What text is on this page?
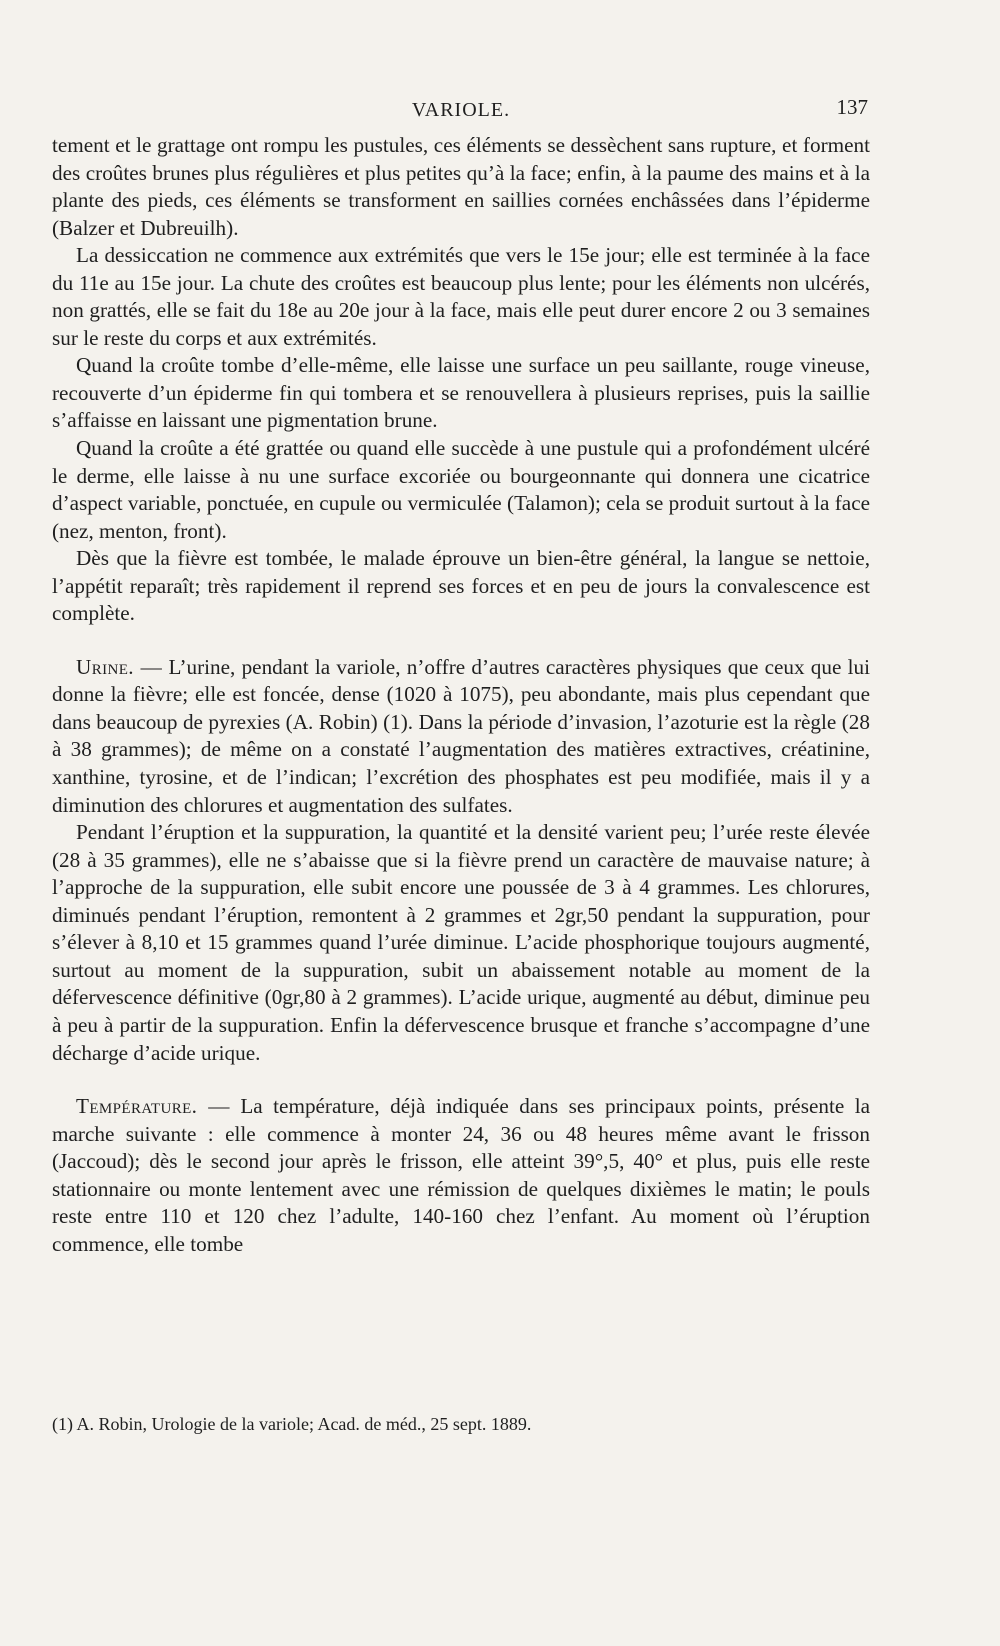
VARIOLE.	137

tement et le grattage ont rompu les pustules, ces éléments se dessèchent sans rupture, et forment des croûtes brunes plus régulières et plus petites qu’à la face; enfin, à la paume des mains et à la plante des pieds, ces éléments se transforment en saillies cornées enchâssées dans l’épiderme (Balzer et Dubreuilh).

La dessiccation ne commence aux extrémités que vers le 15e jour; elle est terminée à la face du 11e au 15e jour. La chute des croûtes est beaucoup plus lente; pour les éléments non ulcérés, non grattés, elle se fait du 18e au 20e jour à la face, mais elle peut durer encore 2 ou 3 semaines sur le reste du corps et aux extrémités.

Quand la croûte tombe d’elle-même, elle laisse une surface un peu saillante, rouge vineuse, recouverte d’un épiderme fin qui tombera et se renouvellera à plusieurs reprises, puis la saillie s’affaisse en laissant une pigmentation brune.

Quand la croûte a été grattée ou quand elle succède à une pustule qui a profondément ulcéré le derme, elle laisse à nu une surface excoriée ou bourgeonnante qui donnera une cicatrice d’aspect variable, ponctuée, en cupule ou vermiculée (Talamon); cela se produit surtout à la face (nez, menton, front).

Dès que la fièvre est tombée, le malade éprouve un bien-être général, la langue se nettoie, l’appétit reparaît; très rapidement il reprend ses forces et en peu de jours la convalescence est complète.

Urine. — L’urine, pendant la variole, n’offre d’autres caractères physiques que ceux que lui donne la fièvre; elle est foncée, dense (1020 à 1075), peu abondante, mais plus cependant que dans beaucoup de pyrexies (A. Robin) (1). Dans la période d’invasion, l’azoturie est la règle (28 à 38 grammes); de même on a constaté l’augmentation des matières extractives, créatinine, xanthine, tyrosine, et de l’indican; l’excrétion des phosphates est peu modifiée, mais il y a diminution des chlorures et augmentation des sulfates.

Pendant l’éruption et la suppuration, la quantité et la densité varient peu; l’urée reste élevée (28 à 35 grammes), elle ne s’abaisse que si la fièvre prend un caractère de mauvaise nature; à l’approche de la suppuration, elle subit encore une poussée de 3 à 4 grammes. Les chlorures, diminués pendant l’éruption, remontent à 2 grammes et 2gr,50 pendant la suppuration, pour s’élever à 8,10 et 15 grammes quand l’urée diminue. L’acide phosphorique toujours augmenté, surtout au moment de la suppuration, subit un abaissement notable au moment de la défervescence définitive (0gr,80 à 2 grammes). L’acide urique, augmenté au début, diminue peu à peu à partir de la suppuration. Enfin la défervescence brusque et franche s’accompagne d’une décharge d’acide urique.

Température. — La température, déjà indiquée dans ses principaux points, présente la marche suivante : elle commence à monter 24, 36 ou 48 heures même avant le frisson (Jaccoud); dès le second jour après le frisson, elle atteint 39°,5, 40° et plus, puis elle reste stationnaire ou monte lentement avec une rémission de quelques dixièmes le matin; le pouls reste entre 110 et 120 chez l’adulte, 140-160 chez l’enfant. Au moment où l’éruption commence, elle tombe

(1) A. Robin, Urologie de la variole; Acad. de méd., 25 sept. 1889.
